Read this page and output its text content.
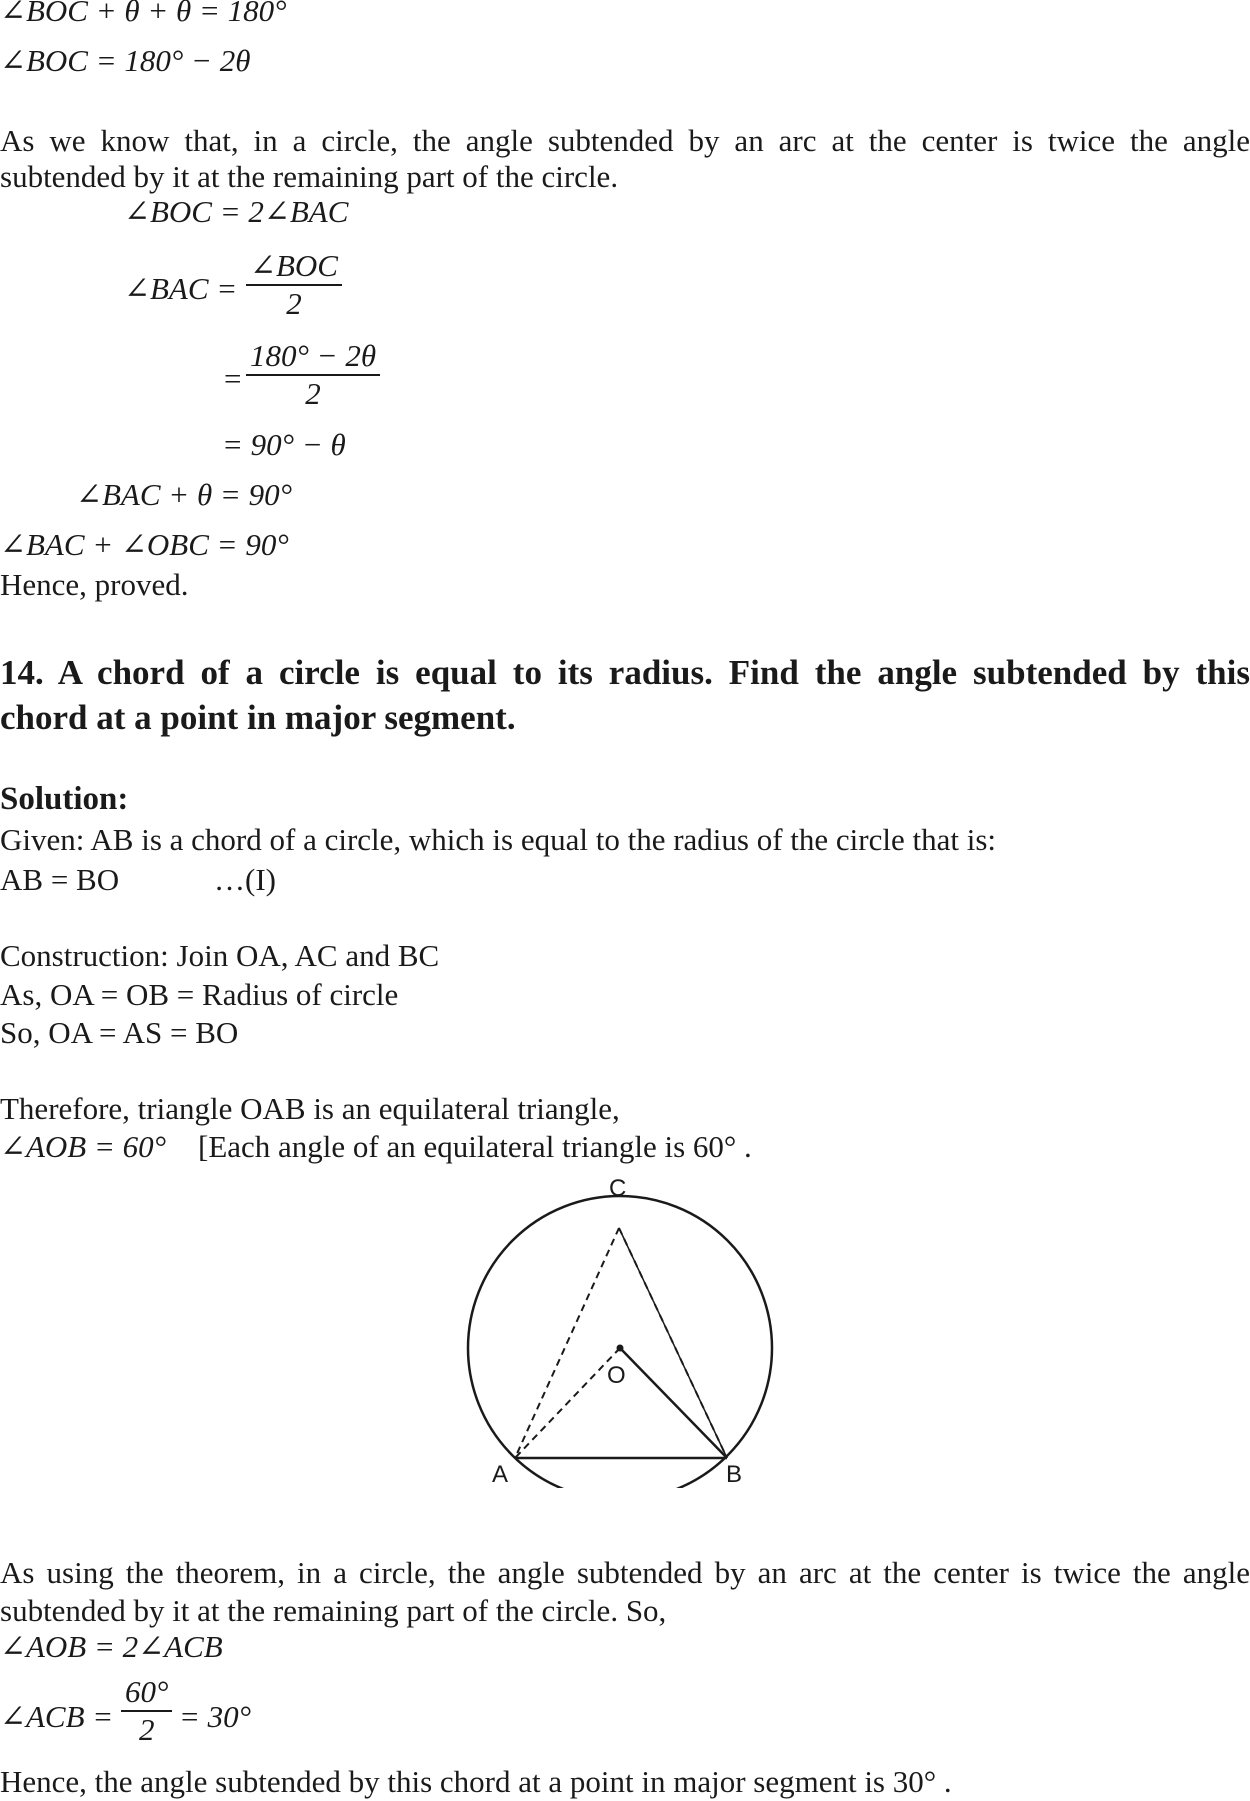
∠BOC + θ + θ = 180°
∠BOC = 180° − 2θ
As we know that, in a circle, the angle subtended by an arc at the center is twice the angle
subtended by it at the remaining part of the circle.
∠BOC = 2∠BAC
∠BAC =
∠BOC
2
=
180° − 2θ
2
= 90° − θ
∠BAC + θ = 90°
∠BAC + ∠OBC = 90°
Hence, proved.
14. A chord of a circle is equal to its radius. Find the angle subtended by this
chord at a point in major segment.
Solution:
Given: AB is a chord of a circle, which is equal to the radius of the circle that is:
AB = BO	…(I)
Construction: Join OA, AC and BC
As, OA = OB = Radius of circle
So, OA = AS = BO
Therefore, triangle OAB is an equilateral triangle,
∠AOB = 60° [Each angle of an equilateral triangle is 60° .
C
O
A	B
As using the theorem, in a circle, the angle subtended by an arc at the center is twice the angle
subtended by it at the remaining part of the circle. So,
∠AOB = 2∠ACB
∠ACB =
60°
2 = 30°
Hence, the angle subtended by this chord at a point in major segment is 30° .
